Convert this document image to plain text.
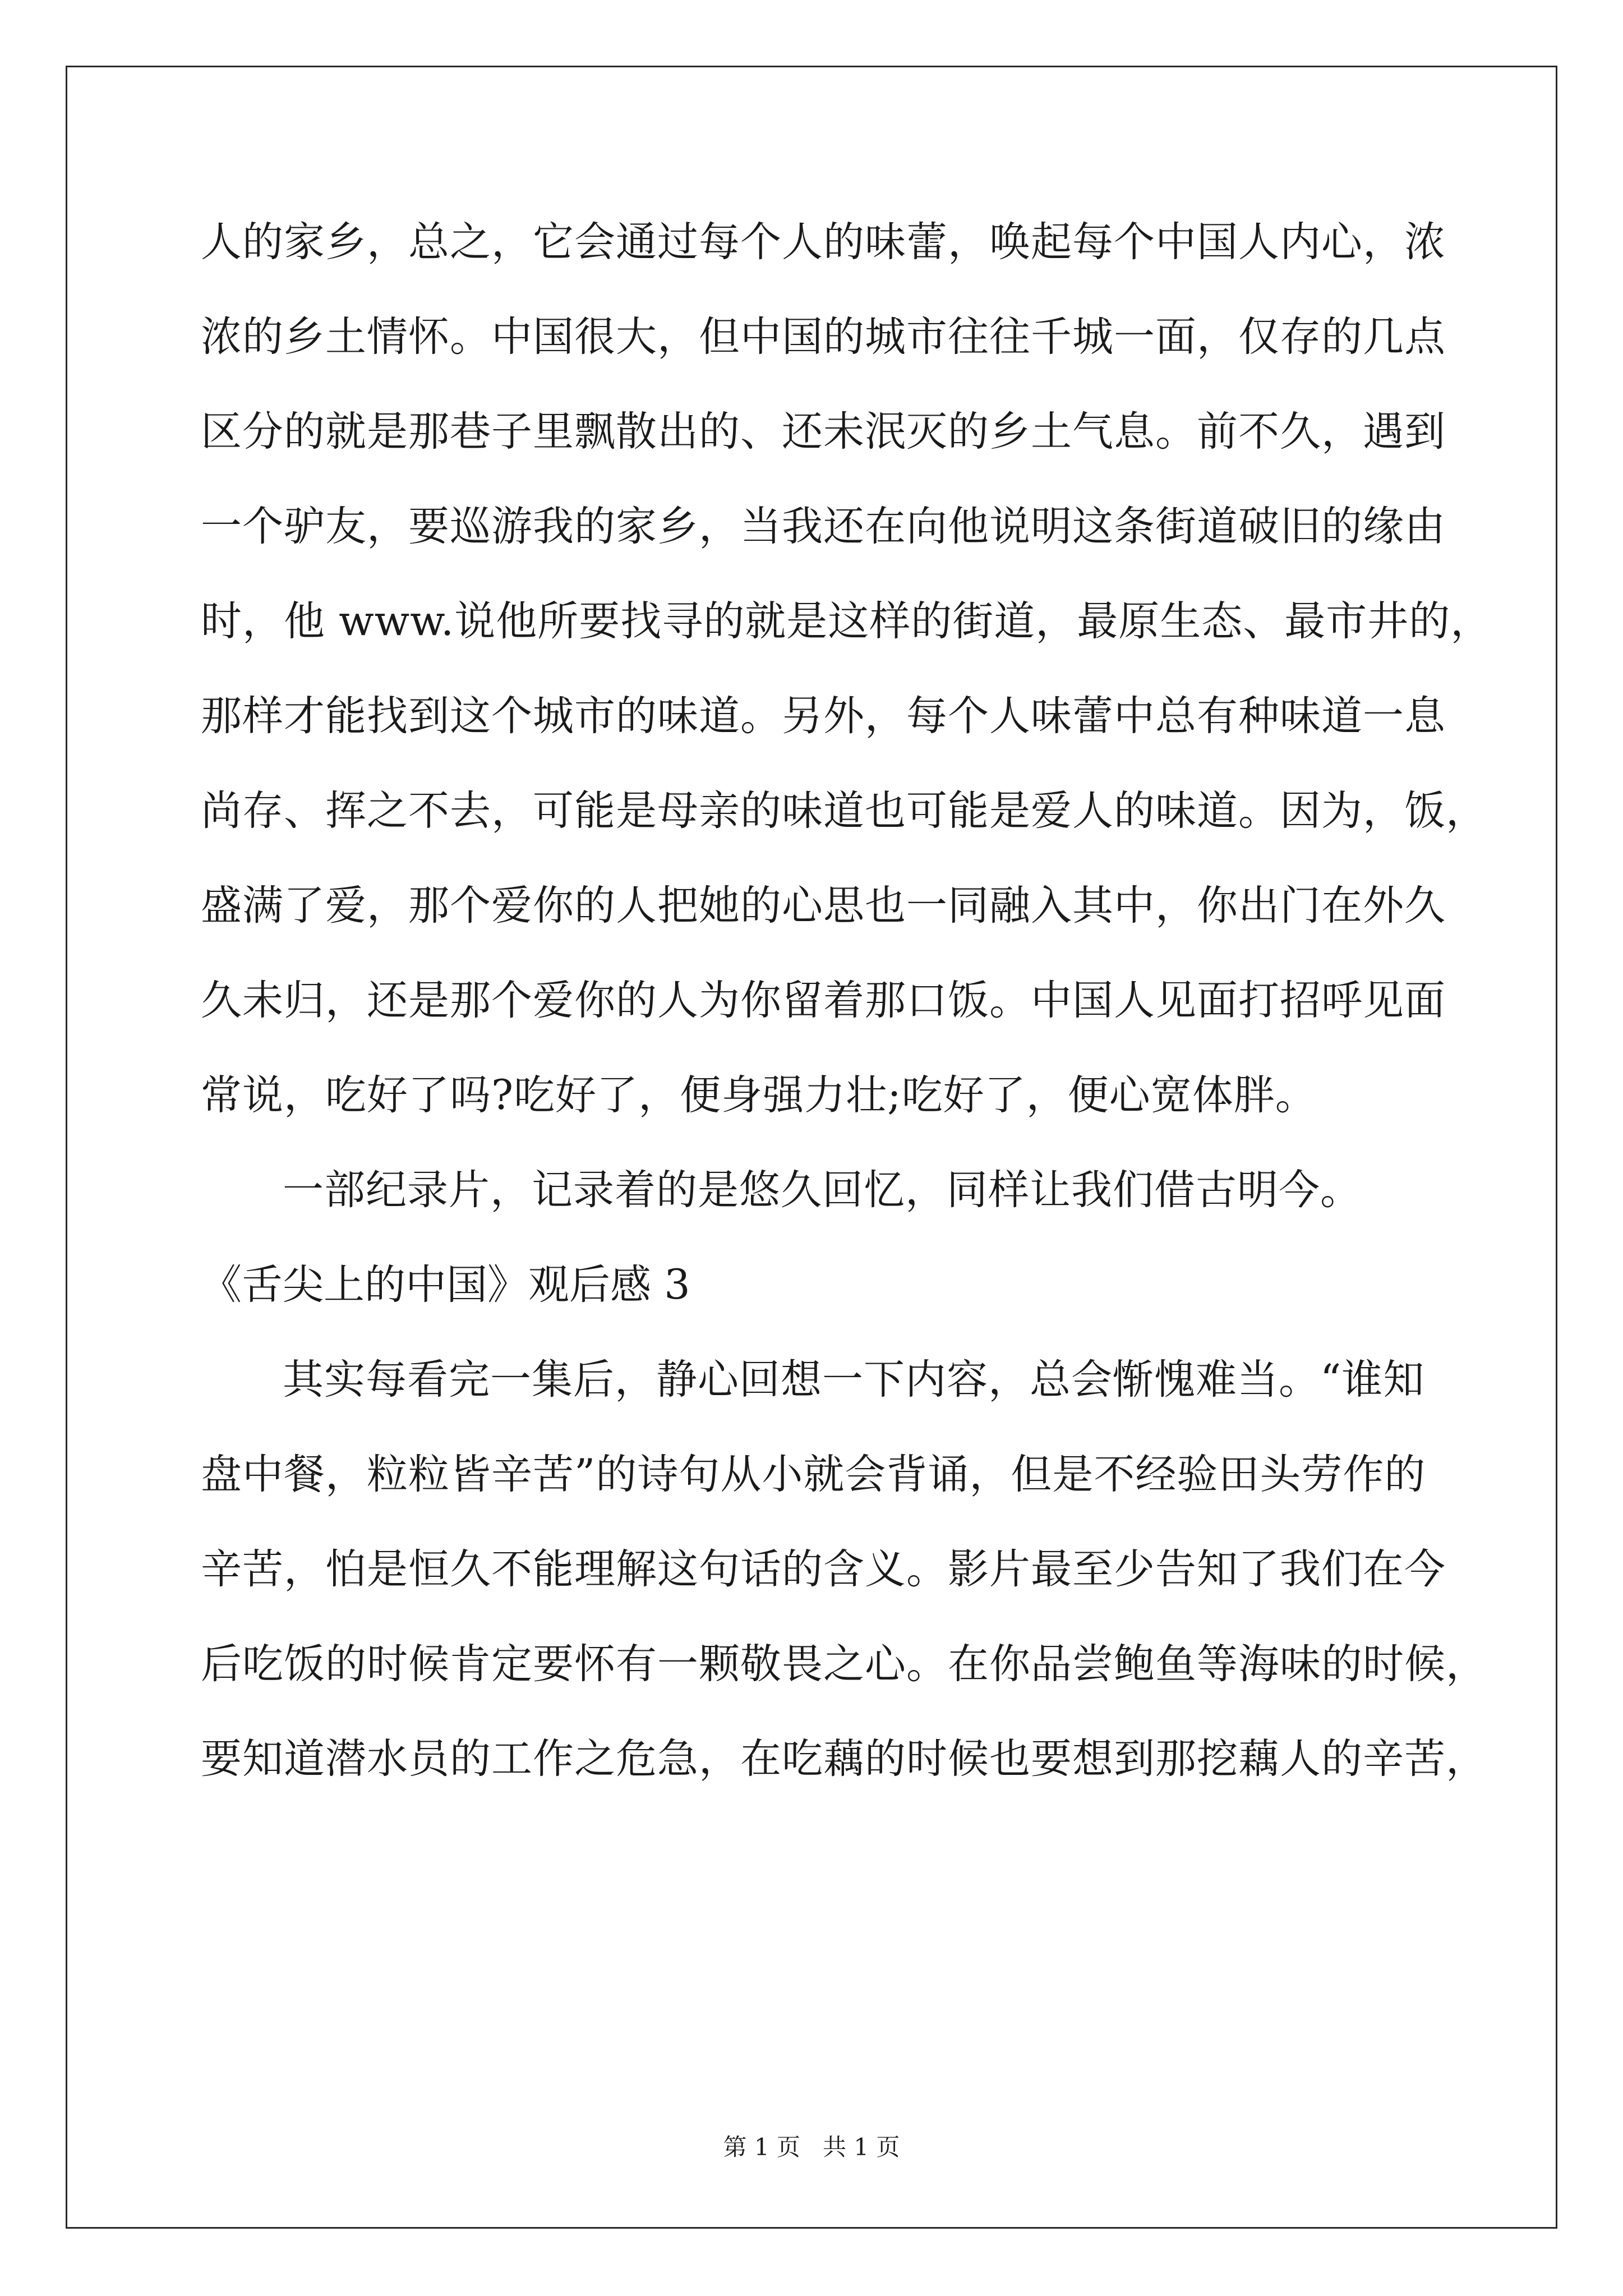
人的家乡，总之，它会通过每个人的味蕾，唤起每个中国人内心，浓
浓的乡土情怀。中国很大，但中国的城市往往千城一面，仅存的几点
区分的就是那巷子里飘散出的、还未泯灭的乡土气息。前不久，遇到
一个驴友，要巡游我的家乡，当我还在向他说明这条街道破旧的缘由
时，他 www.说他所要找寻的就是这样的街道，最原生态、最市井的，
那样才能找到这个城市的味道。另外，每个人味蕾中总有种味道一息
尚存、挥之不去，可能是母亲的味道也可能是爱人的味道。因为，饭，
盛满了爱，那个爱你的人把她的心思也一同融入其中，你出门在外久
久未归，还是那个爱你的人为你留着那口饭。中国人见面打招呼见面
常说，吃好了吗?吃好了，便身强力壮;吃好了，便心宽体胖。
一部纪录片，记录着的是悠久回忆，同样让我们借古明今。
《舌尖上的中国》观后感 3
其实每看完一集后，静心回想一下内容，总会惭愧难当。“谁知
盘中餐，粒粒皆辛苦”的诗句从小就会背诵，但是不经验田头劳作的
辛苦，怕是恒久不能理解这句话的含义。影片最至少告知了我们在今
后吃饭的时候肯定要怀有一颗敬畏之心。在你品尝鲍鱼等海味的时候，
要知道潜水员的工作之危急，在吃藕的时候也要想到那挖藕人的辛苦，
第 1 页   共 1 页
